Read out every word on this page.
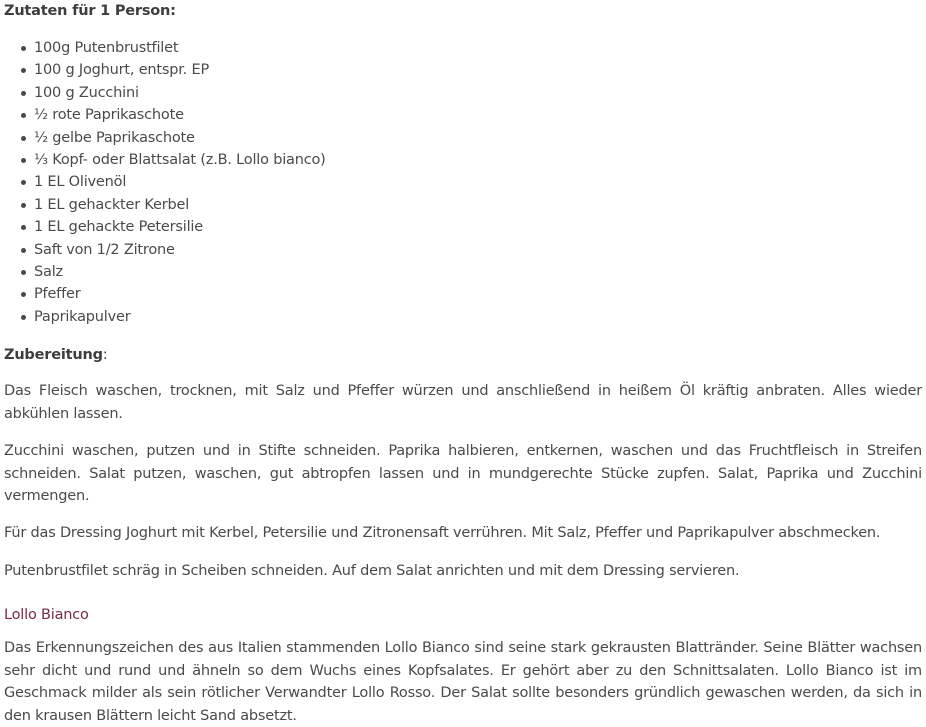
Zutaten für 1 Person:

100g Putenbrustfilet
100 g Joghurt, entspr. EP
100 g Zucchini
½ rote Paprikaschote
½ gelbe Paprikaschote
⅓ Kopf- oder Blattsalat (z.B. Lollo bianco)
1 EL Olivenöl
1 EL gehackter Kerbel
1 EL gehackte Petersilie
Saft von 1/2 Zitrone
Salz
Pfeffer
Paprikapulver

Zubereitung:

Das Fleisch waschen, trocknen, mit Salz und Pfeffer würzen und anschließend in heißem Öl kräftig anbraten. Alles wieder abkühlen lassen.

Zucchini waschen, putzen und in Stifte schneiden. Paprika halbieren, entkernen, waschen und das Fruchtfleisch in Streifen schneiden. Salat putzen, waschen, gut abtropfen lassen und in mundgerechte Stücke zupfen. Salat, Paprika und Zucchini vermengen.

Für das Dressing Joghurt mit Kerbel, Petersilie und Zitronensaft verrühren. Mit Salz, Pfeffer und Paprikapulver abschmecken.

Putenbrustfilet schräg in Scheiben schneiden. Auf dem Salat anrichten und mit dem Dressing servieren.

Lollo Bianco

Das Erkennungszeichen des aus Italien stammenden Lollo Bianco sind seine stark gekrausten Blattränder. Seine Blätter wachsen sehr dicht und rund und ähneln so dem Wuchs eines Kopfsalates. Er gehört aber zu den Schnittsalaten. Lollo Bianco ist im Geschmack milder als sein rötlicher Verwandter Lollo Rosso. Der Salat sollte besonders gründlich gewaschen werden, da sich in den krausen Blättern leicht Sand absetzt.
